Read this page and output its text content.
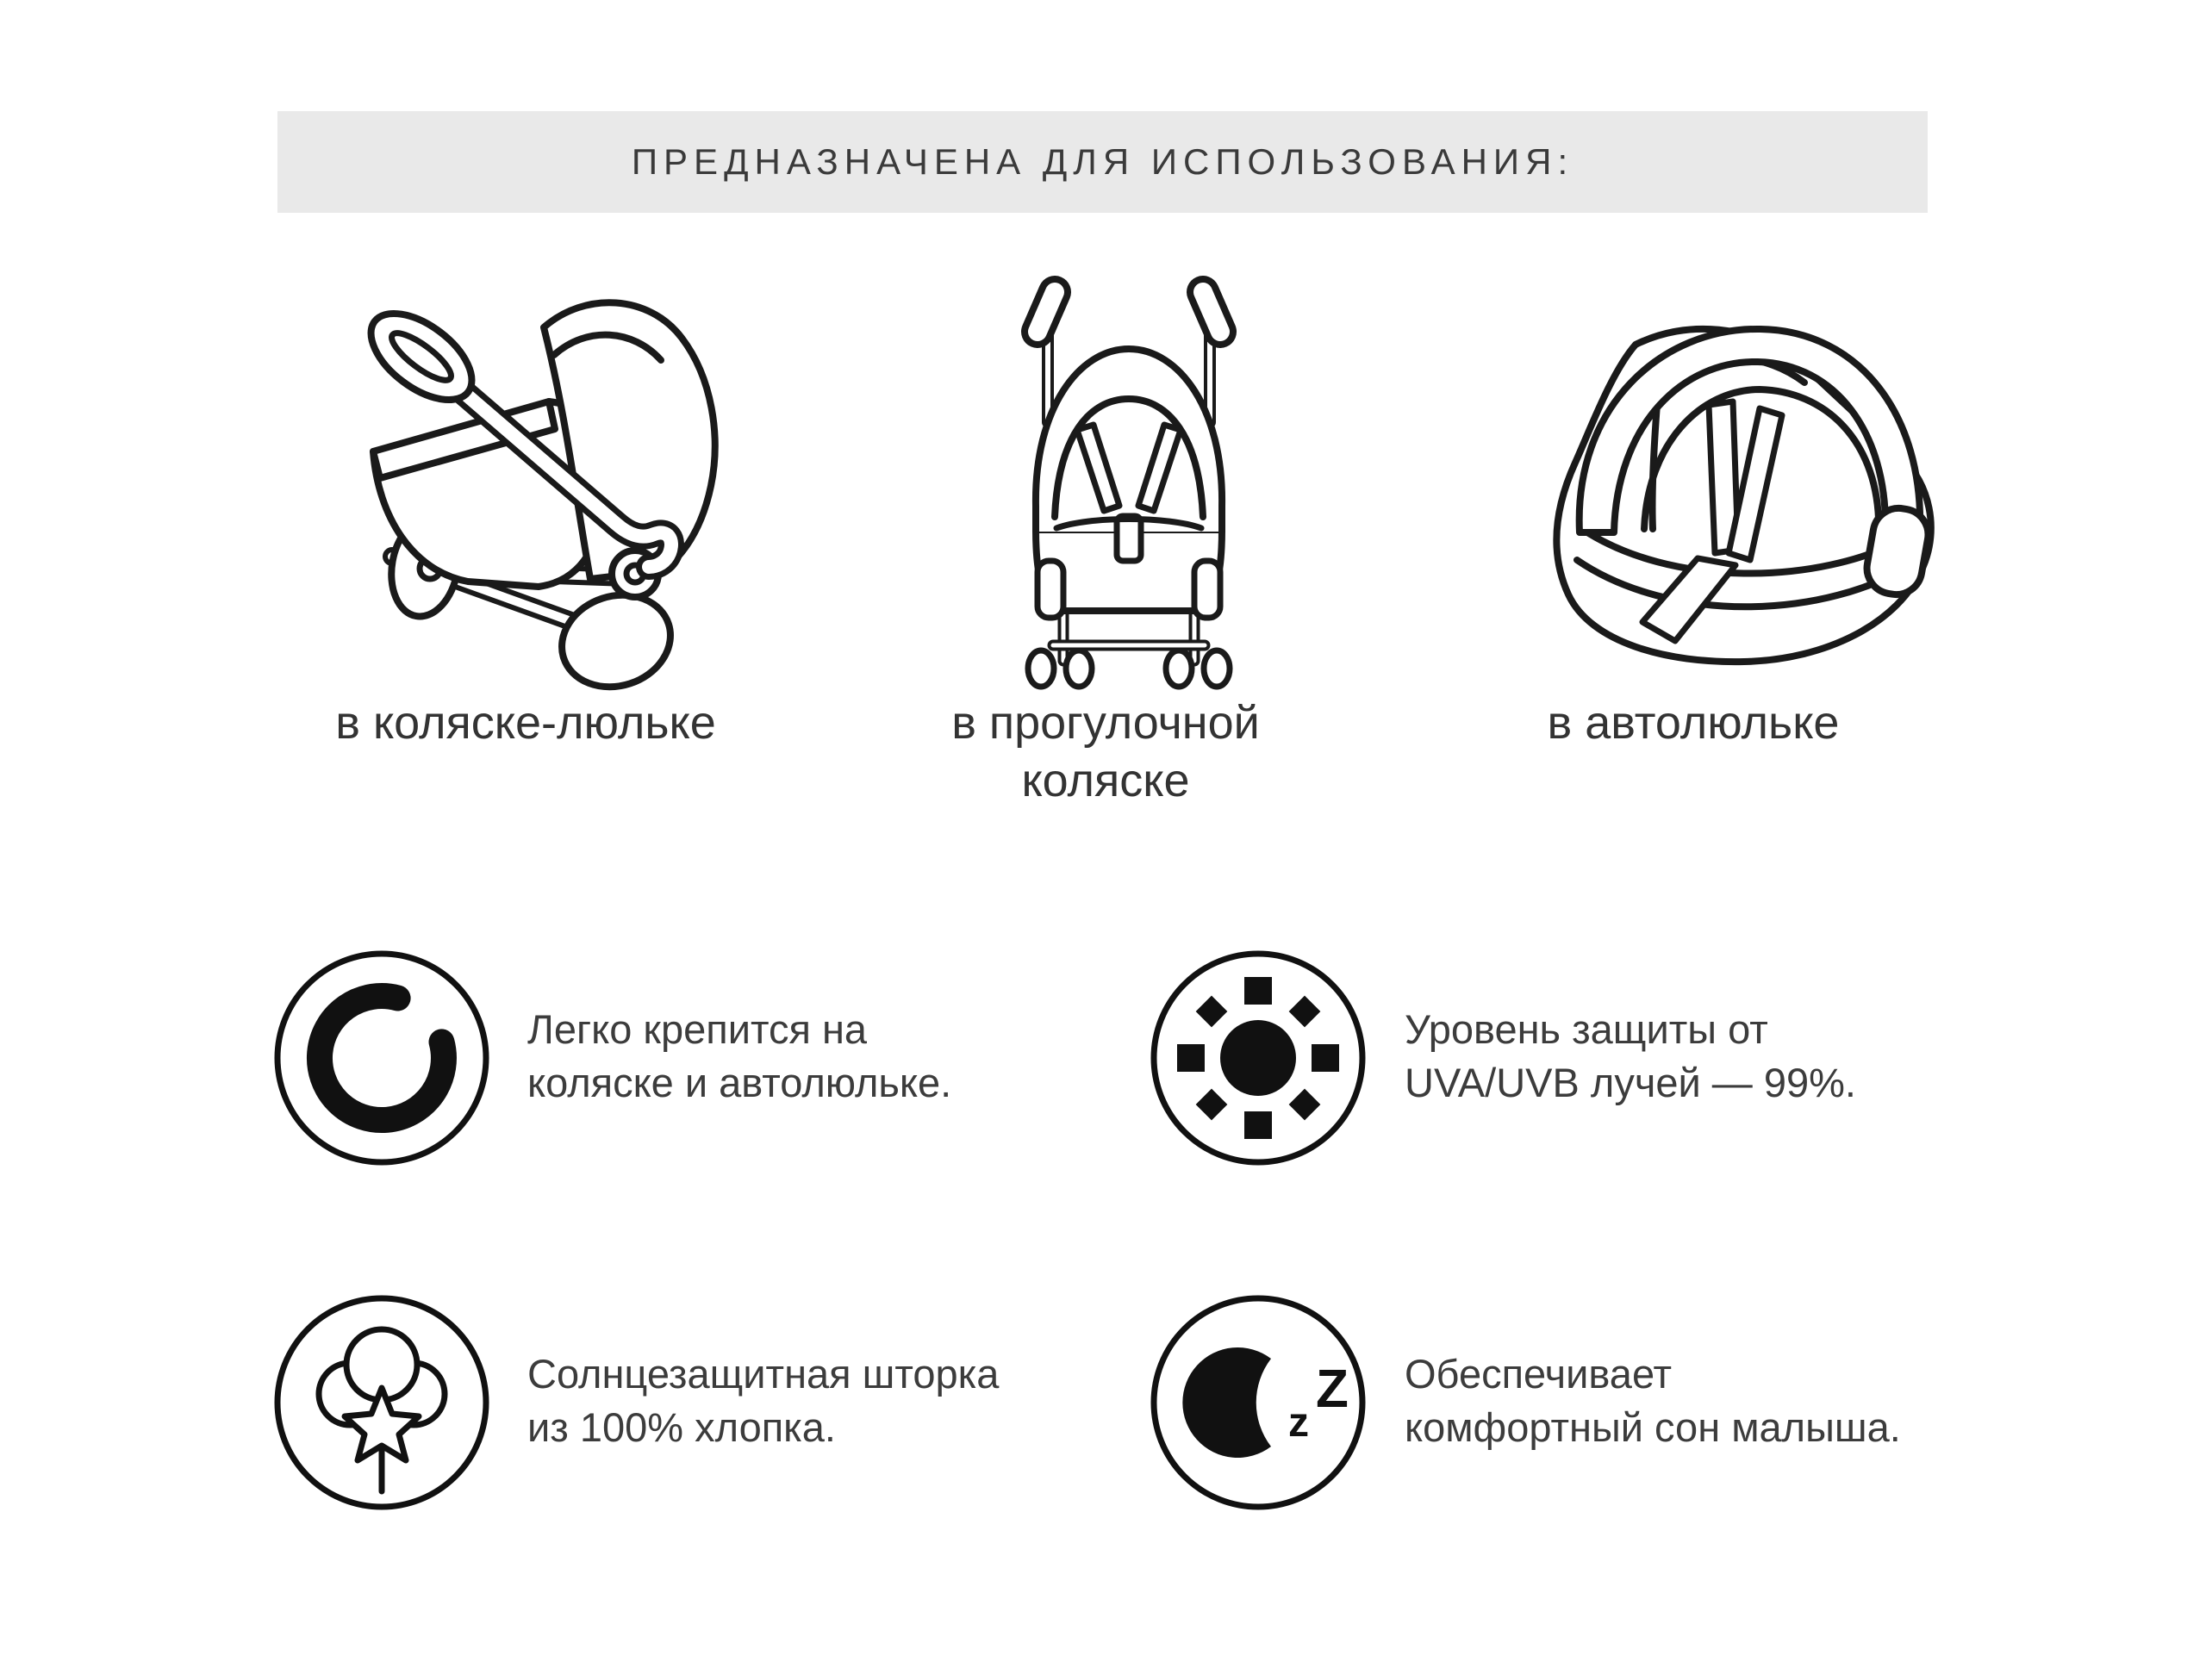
ПРЕДНАЗНАЧЕНА ДЛЯ ИСПОЛЬЗОВАНИЯ:
в коляске-люльке	в прогулочной
коляске
в автолюльке
Легко крепится на
коляске и автолюльке.
Уровень защиты от
UVA/UVB лучей — 99%.
Солнцезащитная шторка
из 100% хлопка.	z
Z Обеспечивает
комфортный сон малыша.
